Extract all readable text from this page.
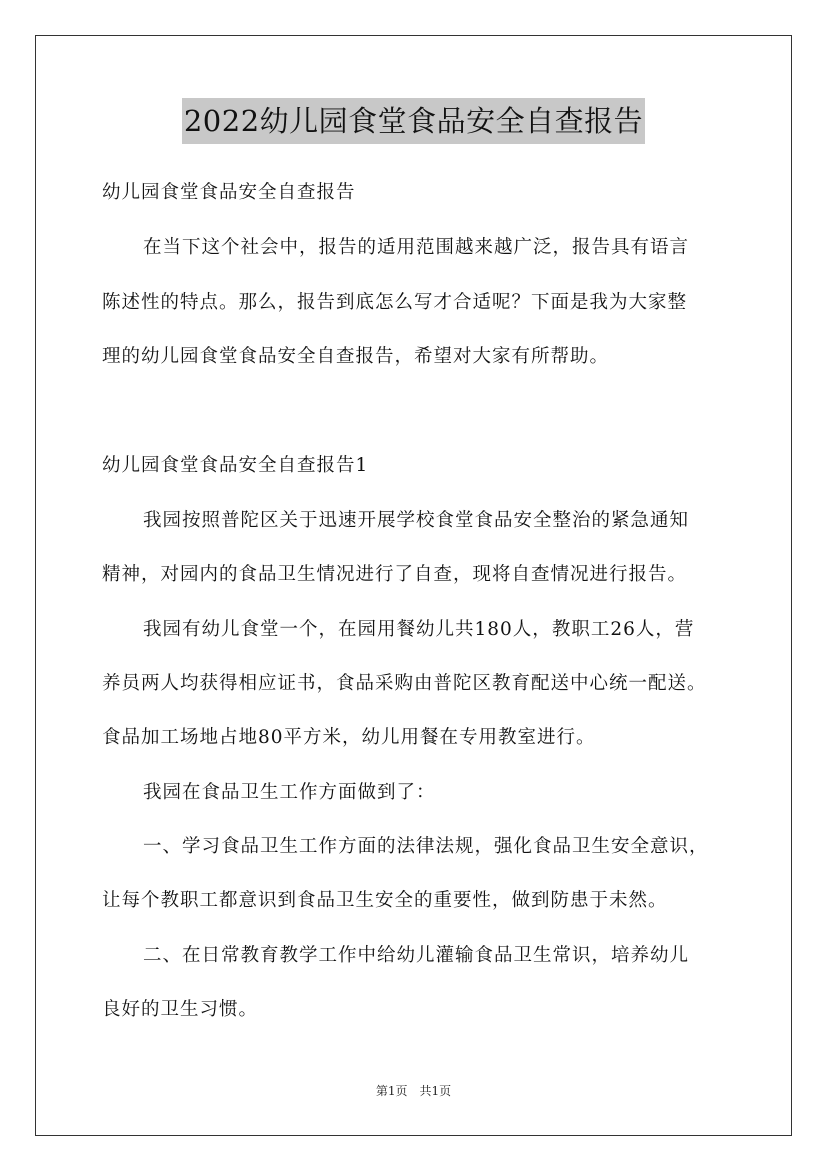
2022幼儿园食堂食品安全自查报告
幼儿园食堂食品安全自查报告
在当下这个社会中，报告的适用范围越来越广泛，报告具有语言
陈述性的特点。那么，报告到底怎么写才合适呢？下面是我为大家整
理的幼儿园食堂食品安全自查报告，希望对大家有所帮助。
幼儿园食堂食品安全自查报告1
我园按照普陀区关于迅速开展学校食堂食品安全整治的紧急通知
精神，对园内的食品卫生情况进行了自查，现将自查情况进行报告。
我园有幼儿食堂一个，在园用餐幼儿共180人，教职工26人，营
养员两人均获得相应证书，食品采购由普陀区教育配送中心统一配送。
食品加工场地占地80平方米，幼儿用餐在专用教室进行。
我园在食品卫生工作方面做到了：
一、学习食品卫生工作方面的法律法规，强化食品卫生安全意识，
让每个教职工都意识到食品卫生安全的重要性，做到防患于未然。
二、在日常教育教学工作中给幼儿灌输食品卫生常识，培养幼儿
良好的卫生习惯。
第1页　共1页
